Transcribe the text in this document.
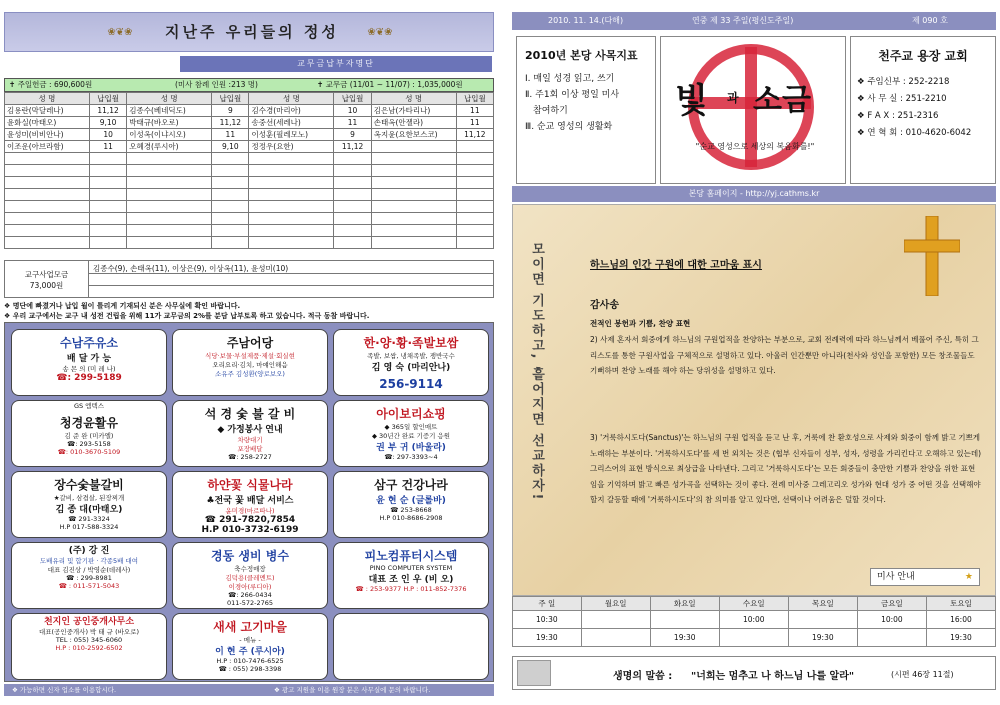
❀❦❀	지난주 우리들의 정성	❀❦❀
교무금납부자명단
✝ 주일헌금 : 690,600원	(미사 참례 인원 :213 명)	✝ 교무금 (11/01 ~ 11/07) : 1,035,000원
성 명	납입월	성 명	납입월	성 명	납입월	성 명	납입월
김용란(막달레나)	11,12	김종수(베네딕도)	9	김수경(마리아)	10	김은남(가타리나)	11
윤화실(마태오)	9,10	박태규(바오로)	11,12	송중선(세레나)	11	손태옥(안젤라)	11
윤성미(비비안나)	10	이성옥(이냐시오)	11	이성훈(필레모노)	9	옥지윤(요한보스코)	11,12
이조운(아브라함)	11	오혜경(루시아)	9,10	정정우(요한)	11,12		

교구사업모금
73,000원
김종수(9), 손태옥(11), 이상은(9), 이상옥(11), 윤성미(10)
❖ 명단에 빠졌거나 납입 월이 틀리게 기재되신 분은 사무실에 확인 바랍니다.
❖ 우리 교구에서는 교구 내 성전 건립을 위해 11가 교무금의 2%를 분담 납부토록 하고 있습니다. 적극 동참 바랍니다.
수남주유소
배 달 가 능
송 몬 의 (미 레 나)
☎: 299-5189
주남어당
식당·보물·부설제품·제설·회실현
오리요리·김치, 마얘인해음
소유주 김성환(양로보오)
한·양·황·족발보쌈
족발, 보쌈, 냉채족발, 쟁반국수
김 영 숙 (마리안나)
256-9114
GS 엠텍스
청경윤활유
김 준 완 (미카엘)
☎: 293-5158
☎: 010-3670-5109
석 경 숯 불 갈 비
◆ 가정봉사 연내
차량대기
포장배달
☎: 258-2727
아이보리쇼핑
◆ 365일 할인매트
◆ 30년간 완료 기증기 응원
권 부 귀 (바울라)
☎: 297-3393~4
장수숯불갈비
★갈비, 삼겹살, 된장찌개
김 종 대(마태오)
☎ 291-3324
H.P 017-588-3324
하얀꽃 식물나라
♣전국 꽃 배달 서비스
윤미경(마르따나)
☎ 291-7820,7854
H.P 010-3732-6199
삼구 건강나라
윤 현 순 (글롤바)
☎ 253-8668
H.P 010-8686-2908
(주) 강 진
도배유리 및 합기판 · 각종5배 대여
대표 김진상 / 박영순(데레사)
☎ : 299-8981
☎ : 011-571-5043
경동 생비 병수
축수정매장
김덕용(클레멘트)
이경아(루디아)
☎: 266-0434
011-572-2765
피노컴퓨터시스템
PINO COMPUTER SYSTEM
대표 조 인 우 (비 오)
☎ : 253-9377 H.P : 011-852-7376
천지인 공인중개사무소
대표(공인중개사) 박 태 규 (바오로)
TEL : 055) 345-6060
H.P : 010-2592-6502
새새 고기마을
- 메뉴 -
이 현 주 (루시아)
H.P : 010-7476-6525
☎ : 055) 298-3398
❖ 가능하면 신자 업소를 이용합시다.	❖ 광고 지원을 이용 원장 분은 사무실에 문의 바랍니다.
2010. 11. 14.(다해)	연중 제 33 주일(평신도주일)	제 090 호
2010년 본당 사목지표
Ⅰ. 매일 성경 읽고, 쓰기
Ⅱ. 주1회 이상 평일 미사
참여하기
Ⅲ. 순교 영성의 생활화
빛 과 소금
"순교 영성으로 세상의 복음화를!"
천주교 용장 교회
❖ 주임신부 : 252-2218
❖ 사 무 실 : 251-2210
❖ F A X : 251-2316
❖ 연 혁 회 : 010-4620-6042
본당 홈페이지 - http://yj.cathms.kr
모이면 기도하고, 흩어지면 선교하자!	하느님의 인간 구원에 대한 고마움 표시
감사송
전적인 봉헌과 기쁨, 찬양 표현
2) 사제 혼자서 회중에게 하느님의 구원업적을 찬양하는 부분으로, 교회 전례력에 따라 하느님께서 베풀어 주신, 특히 그리스도를 통한 구원사업을 구체적으로 설명하고 있다. 아울러 인간뿐만 아니라(천사와 성인을 포함한) 모든 창조물들도 기뻐하며 찬양 노래를 해야 하는 당위성을 설명하고 있다.
3) '거룩하시도다(Sanctus)'는 하느님의 구원 업적을 듣고 난 후, 거룩에 찬 환호성으로 사제와 회중이 함께 밝고 기쁘게 노래하는 부분이다. '거룩하시도다'를 세 번 외치는 것은 (협부 신자들이 성부, 성자, 성령을 가리킨다고 오해하고 있는데) 그리스어의 표현 방식으로 최상급을 나타낸다. 그리고 '거룩하시도다'는 모든 회중들이 충만한 기쁨과 찬양을 위한 표현임을 기억하며 밝고 빠른 성가곡을 선택하는 것이 좋다. 전례 미사중 그레고리오 성가와 현대 성가 중 어떤 것을 선택해야 할지 갈등할 때에 '거룩하시도다'의 참 의미를 알고 있다면, 선택이나 어려움은 덜할 것이다.
미사 안내	★
주 일	월요일	화요일	수요일	목요일	금요일	토요일
10:30			10:00		10:00	16:00
19:30		19:30		19:30		19:30
생명의 말씀 : "너희는 멈추고 나 하느님 나를 알라"	(시편 46장 11절)
